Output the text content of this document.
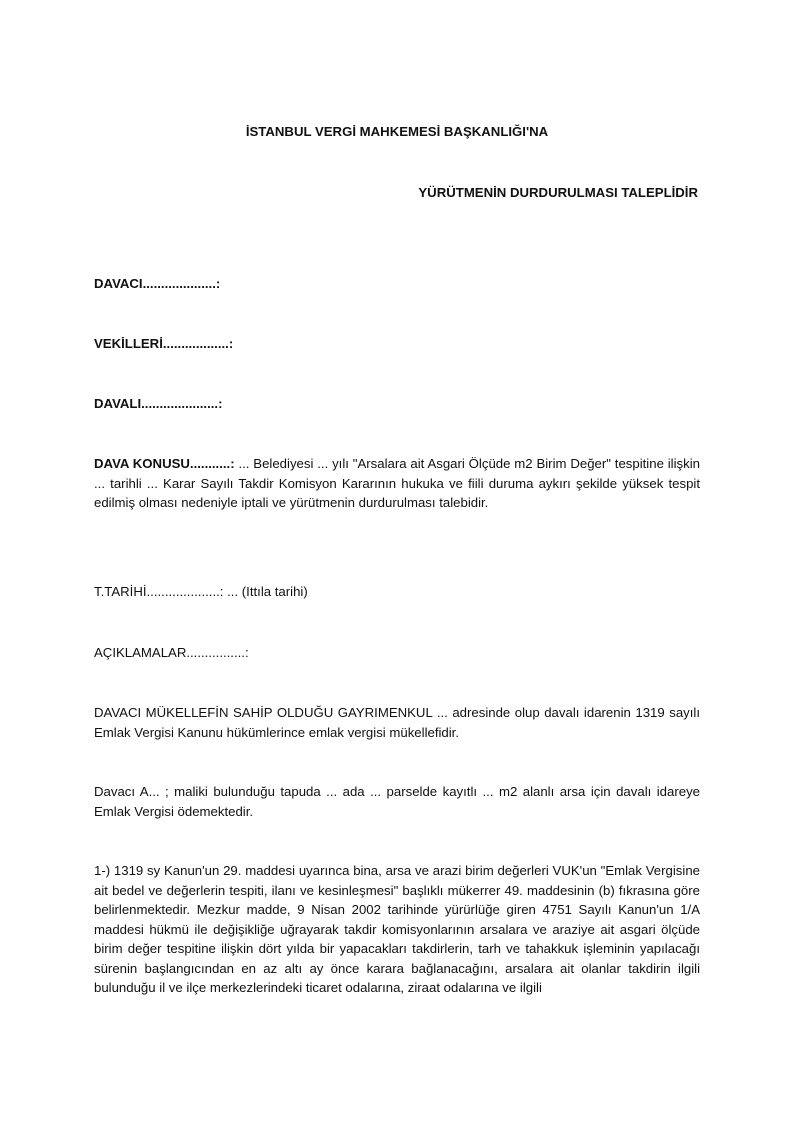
İSTANBUL VERGİ MAHKEMESİ BAŞKANLIĞI'NA

YÜRÜTMENİN DURDURULMASI TALEPLİDİR

DAVACI....................:

VEKİLLERİ..................:

DAVALI.....................:

DAVA KONUSU...........: ... Belediyesi ... yılı "Arsalara ait Asgari Ölçüde m2 Birim Değer" tespitine ilişkin ... tarihli ... Karar Sayılı Takdir Komisyon Kararının hukuka ve fiili duruma aykırı şekilde yüksek tespit edilmiş olması nedeniyle iptali ve yürütmenin durdurulması talebidir.

T.TARİHİ....................: ... (Ittıla tarihi)

AÇIKLAMALAR................:

DAVACI MÜKELLEFİN SAHİP OLDUĞU GAYRIMENKUL ... adresinde olup davalı idarenin 1319 sayılı Emlak Vergisi Kanunu hükümlerince emlak vergisi mükellefidir.

Davacı A... ; maliki bulunduğu tapuda ... ada ... parselde kayıtlı ... m2 alanlı arsa için davalı idareye Emlak Vergisi ödemektedir.

1-) 1319 sy Kanun'un 29. maddesi uyarınca bina, arsa ve arazi birim değerleri VUK'un "Emlak Vergisine ait bedel ve değerlerin tespiti, ilanı ve kesinleşmesi" başlıklı mükerrer 49. maddesinin (b) fıkrasına göre belirlenmektedir. Mezkur madde, 9 Nisan 2002 tarihinde yürürlüğe giren 4751 Sayılı Kanun'un 1/A maddesi hükmü ile değişikliğe uğrayarak takdir komisyonlarının arsalara ve araziye ait asgari ölçüde birim değer tespitine ilişkin dört yılda bir yapacakları takdirlerin, tarh ve tahakkuk işleminin yapılacağı sürenin başlangıcından en az altı ay önce karara bağlanacağını, arsalara ait olanlar takdirin ilgili bulunduğu il ve ilçe merkezlerindeki ticaret odalarına, ziraat odalarına ve ilgili
